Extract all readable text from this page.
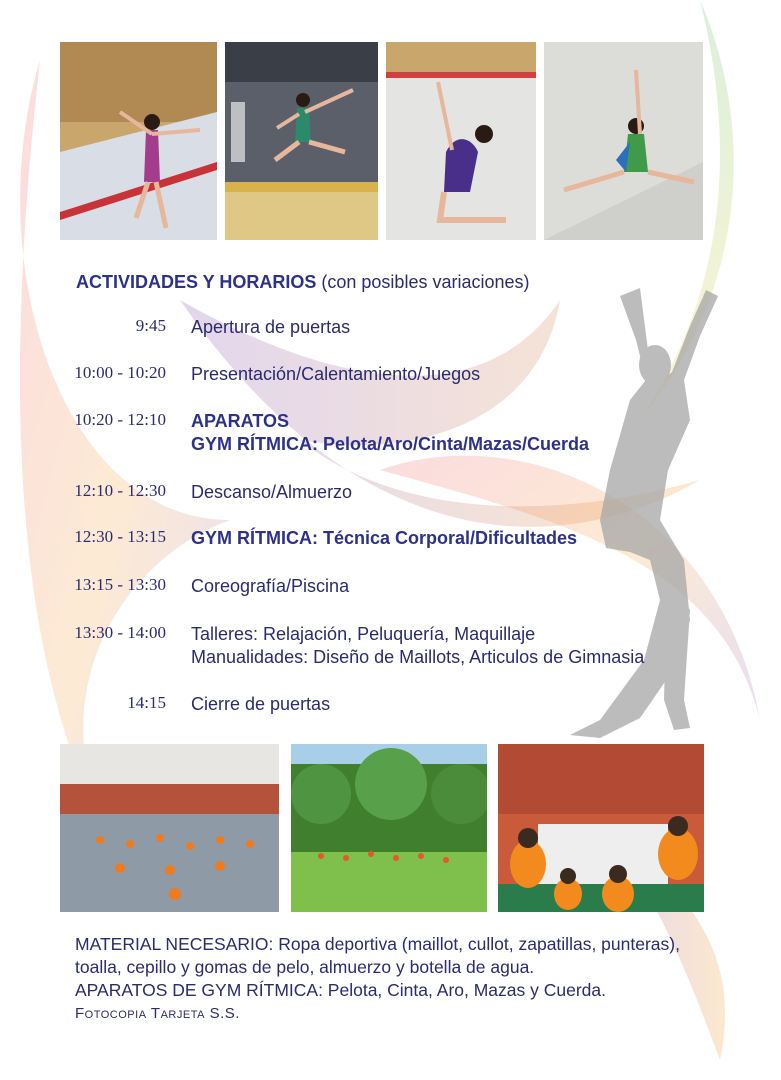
ACTIVIDADES Y HORARIOS (con posibles variaciones)
9:45 Apertura de puertas
10:00 - 10:20 Presentación/Calentamiento/Juegos
10:20 - 12:10 APARATOS
GYM RÍTMICA: Pelota/Aro/Cinta/Mazas/Cuerda
12:10 - 12:30 Descanso/Almuerzo
12:30 - 13:15 GYM RÍTMICA: Técnica Corporal/Dificultades
13:15 - 13:30 Coreografía/Piscina
13:30 - 14:00 Talleres: Relajación, Peluquería, Maquillaje
Manualidades: Diseño de Maillots, Articulos de Gimnasia
14:15 Cierre de puertas
MATERIAL NECESARIO: Ropa deportiva (maillot, cullot, zapatillas, punteras),
toalla, cepillo y gomas de pelo, almuerzo y botella de agua.
APARATOS DE GYM RÍTMICA: Pelota, Cinta, Aro, Mazas y Cuerda.
Fotocopia Tarjeta S.S.
